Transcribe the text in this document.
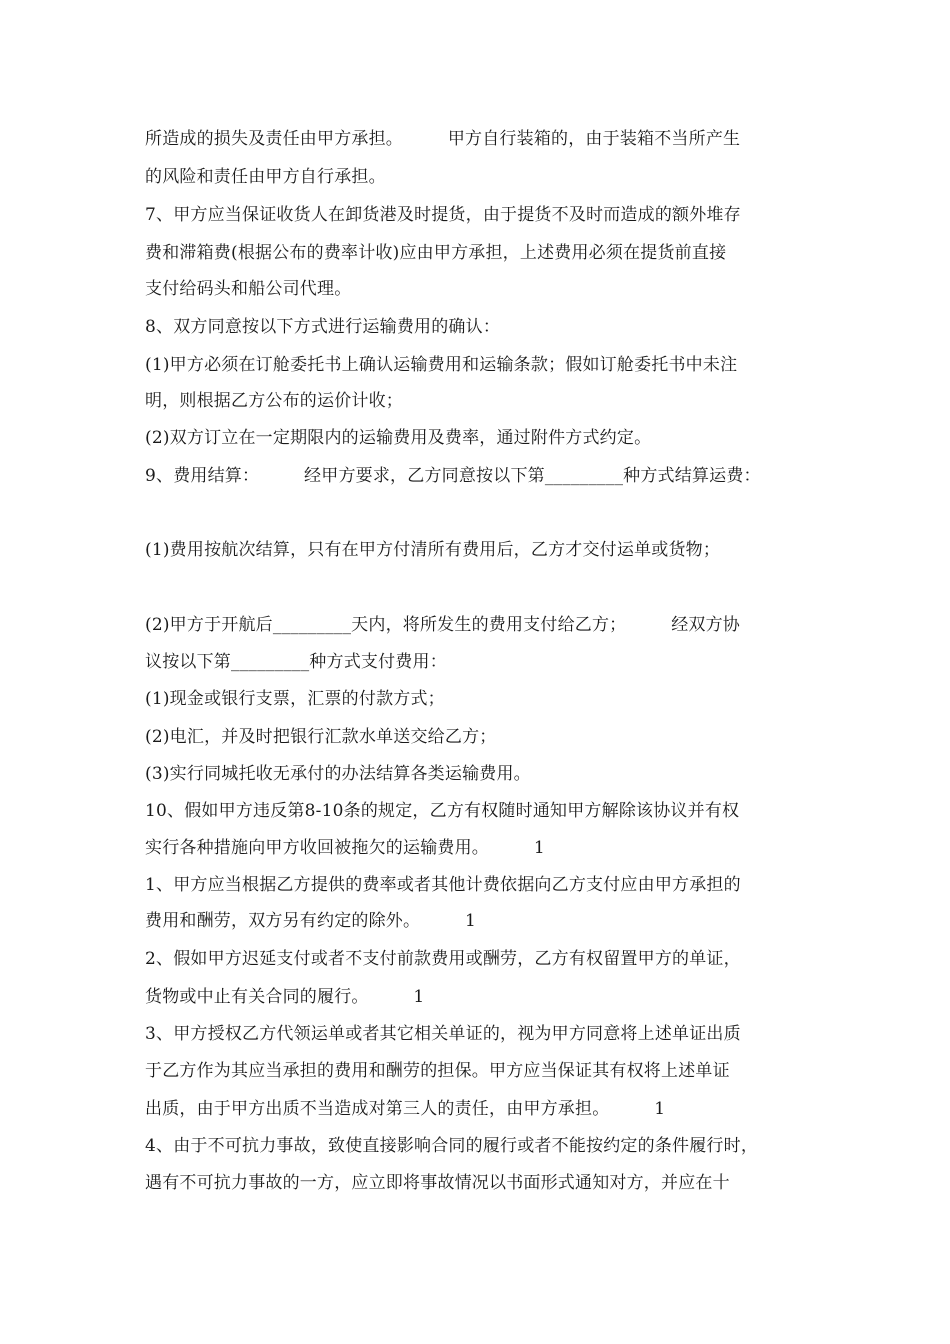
所造成的损失及责任由甲方承担。        甲方自行装箱的，由于装箱不当所产生
的风险和责任由甲方自行承担。
7、甲方应当保证收货人在卸货港及时提货，由于提货不及时而造成的额外堆存
费和滞箱费(根据公布的费率计收)应由甲方承担，上述费用必须在提货前直接
支付给码头和船公司代理。
8、双方同意按以下方式进行运输费用的确认：
(1)甲方必须在订舱委托书上确认运输费用和运输条款；假如订舱委托书中未注
明，则根据乙方公布的运价计收；
(2)双方订立在一定期限内的运输费用及费率，通过附件方式约定。
9、费用结算：        经甲方要求，乙方同意按以下第_________种方式结算运费：
(1)费用按航次结算，只有在甲方付清所有费用后，乙方才交付运单或货物；
(2)甲方于开航后_________天内，将所发生的费用支付给乙方；        经双方协
议按以下第_________种方式支付费用：
(1)现金或银行支票，汇票的付款方式；
(2)电汇，并及时把银行汇款水单送交给乙方；
(3)实行同城托收无承付的办法结算各类运输费用。
10、假如甲方违反第8-10条的规定，乙方有权随时通知甲方解除该协议并有权
实行各种措施向甲方收回被拖欠的运输费用。        1
1、甲方应当根据乙方提供的费率或者其他计费依据向乙方支付应由甲方承担的
费用和酬劳，双方另有约定的除外。        1
2、假如甲方迟延支付或者不支付前款费用或酬劳，乙方有权留置甲方的单证，
货物或中止有关合同的履行。        1
3、甲方授权乙方代领运单或者其它相关单证的，视为甲方同意将上述单证出质
于乙方作为其应当承担的费用和酬劳的担保。甲方应当保证其有权将上述单证
出质，由于甲方出质不当造成对第三人的责任，由甲方承担。        1
4、由于不可抗力事故，致使直接影响合同的履行或者不能按约定的条件履行时，
遇有不可抗力事故的一方，应立即将事故情况以书面形式通知对方，并应在十
